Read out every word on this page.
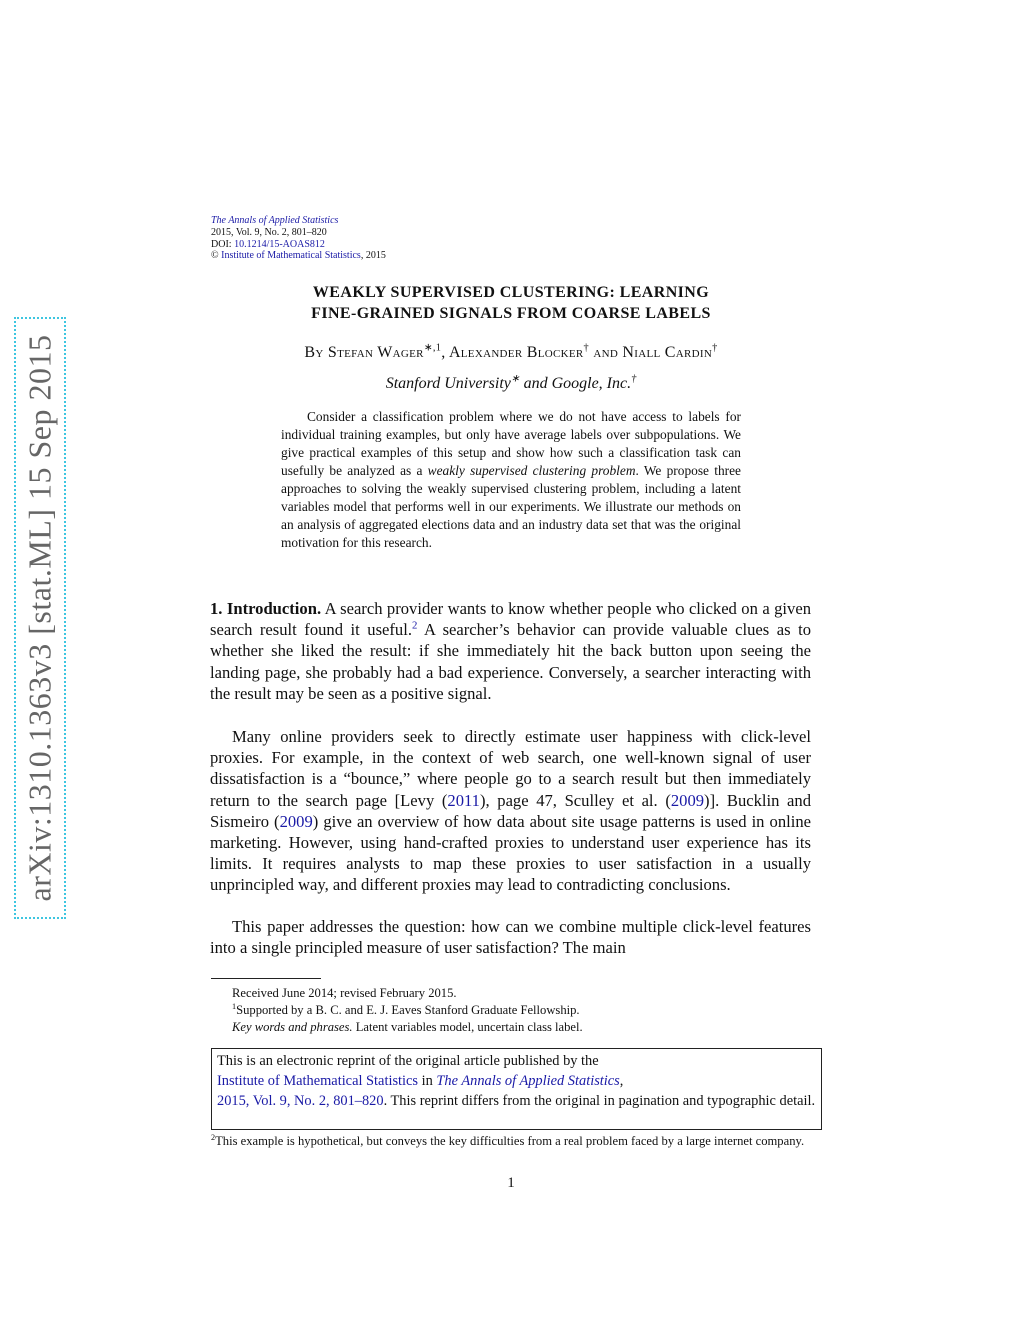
arXiv:1310.1363v3 [stat.ML] 15 Sep 2015
The Annals of Applied Statistics
2015, Vol. 9, No. 2, 801–820
DOI: 10.1214/15-AOAS812
© Institute of Mathematical Statistics, 2015
WEAKLY SUPERVISED CLUSTERING: LEARNING
FINE-GRAINED SIGNALS FROM COARSE LABELS
By Stefan Wager$^{∗,1}$, Alexander Blocker† and Niall Cardin†
Stanford University∗ and Google, Inc.†
Consider a classification problem where we do not have access to labels for individual training examples, but only have average labels over subpopulations. We give practical examples of this setup and show how such a classification task can usefully be analyzed as a weakly supervised clustering problem. We propose three approaches to solving the weakly supervised clustering problem, including a latent variables model that performs well in our experiments. We illustrate our methods on an analysis of aggregated elections data and an industry data set that was the original motivation for this research.
1. Introduction. A search provider wants to know whether people who clicked on a given search result found it useful.$^2$ A searcher’s behavior can provide valuable clues as to whether she liked the result: if she immediately hit the back button upon seeing the landing page, she probably had a bad experience. Conversely, a searcher interacting with the result may be seen as a positive signal.
Many online providers seek to directly estimate user happiness with click-level proxies. For example, in the context of web search, one well-known signal of user dissatisfaction is a “bounce,” where people go to a search result but then immediately return to the search page [Levy (2011), page 47, Sculley et al. (2009)]. Bucklin and Sismeiro (2009) give an overview of how data about site usage patterns is used in online marketing. However, using hand-crafted proxies to understand user experience has its limits. It requires analysts to map these proxies to user satisfaction in a usually unprincipled way, and different proxies may lead to contradicting conclusions.
This paper addresses the question: how can we combine multiple click-level features into a single principled measure of user satisfaction? The main
Received June 2014; revised February 2015.
$^1$Supported by a B. C. and E. J. Eaves Stanford Graduate Fellowship.
Key words and phrases. Latent variables model, uncertain class label.
This is an electronic reprint of the original article published by the
Institute of Mathematical Statistics in The Annals of Applied Statistics,
2015, Vol. 9, No. 2, 801–820. This reprint differs from the original in pagination and typographic detail.
$^2$This example is hypothetical, but conveys the key difficulties from a real problem faced by a large internet company.
1
